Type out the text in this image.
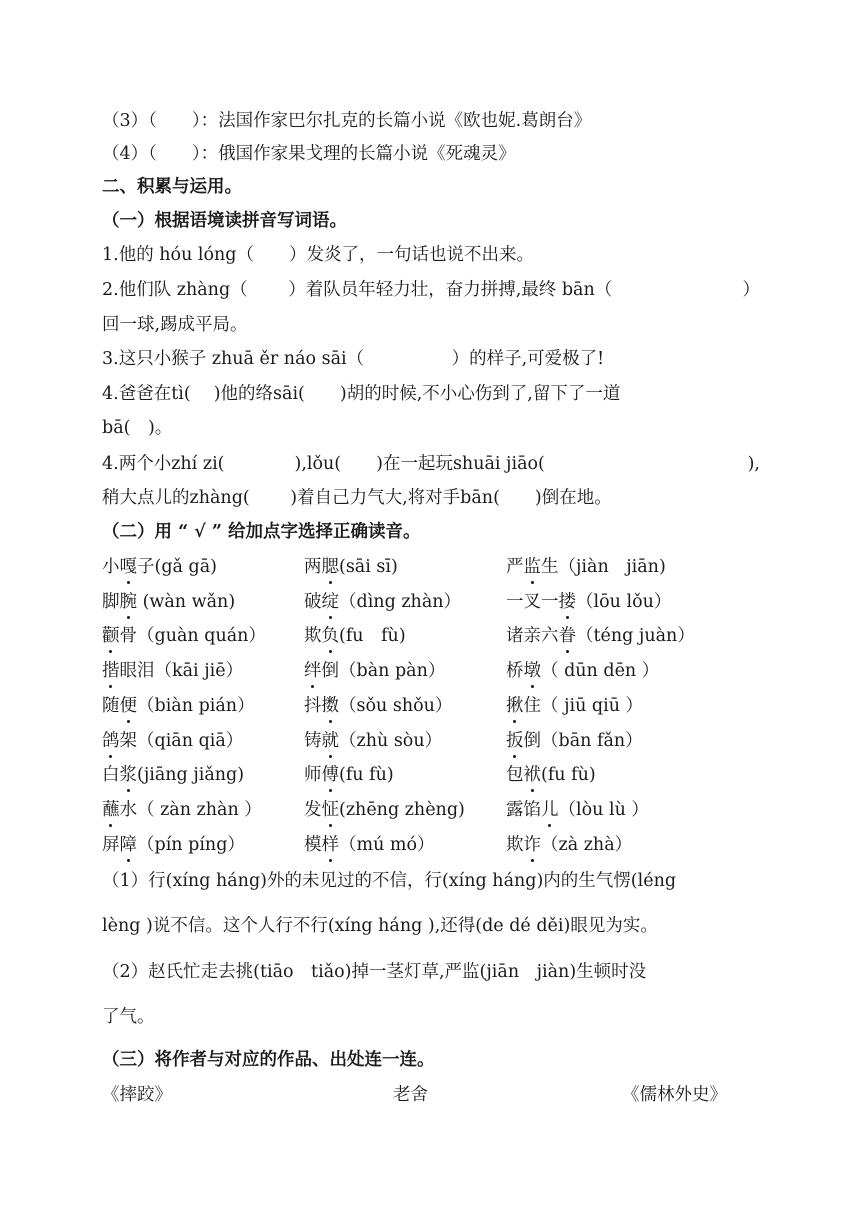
（3）（　　）：法国作家巴尔扎克的长篇小说《欧也妮.葛朗台》
（4）（　　）：俄国作家果戈理的长篇小说《死魂灵》
二、积累与运用。
（一）根据语境读拼音写词语。
1.他的 hóu lóng（　　）发炎了，一句话也说不出来。
2.他们队 zhàng（　　 ）着队员年轻力壮，奋力拼搏,最终 bān（	）
回一球,踢成平局。
3.这只小猴子 zhuā ěr náo sāi（　　　　　）的样子,可爱极了!
4.爸爸在tì(　 )他的络sāi(　　)胡的时候,不小心伤到了,留下了一道
bā(　)。
4.两个小zhí zi(　　　　),lǒu(　　)在一起玩shuāi jiāo(	),
稍大点儿的zhàng(　　 )着自己力气大,将对手bān(　　)倒在地。
（二）用 “ √ ” 给加点字选择正确读音。
小嘎子(gǎ gā)	两腮(sāi sī)	严监生（jiàn　jiān)
脚腕 (wàn wǎn)	破绽（dìng zhàn）	一叉一搂（lōu lǒu）
颧骨（guàn quán） 欺负(fu　fù)	诸亲六眷（téng juàn）
揩眼泪（kāi jiē）	绊倒（bàn pàn）	桥墩（ dūn dēn ）
随便（biàn pián）	抖擞（sǒu shǒu）	揪住（ jiū qiū ）
鸽架（qiān qiā）	铸就（zhù sòu）	扳倒（bān fǎn）
白浆(jiāng jiǎng)	师傅(fu fù)	包袱(fu fù)
蘸水（ zàn zhàn ） 发怔(zhēng zhèng) 露馅儿（lòu lù ）
屏障（pín píng）	模样（mú mó）	欺诈（zà zhà）
（1）行(xíng háng)外的未见过的不信，行(xíng háng)内的生气愣(léng
lèng )说不信。这个人行不行(xíng háng ),还得(de dé děi)眼见为实。
（2）赵氏忙走去挑(tiāo　tiǎo)掉一茎灯草,严监(jiān　jiàn)生顿时没
了气。
（三）将作者与对应的作品、出处连一连。
《摔跤》	老舍	《儒林外史》
